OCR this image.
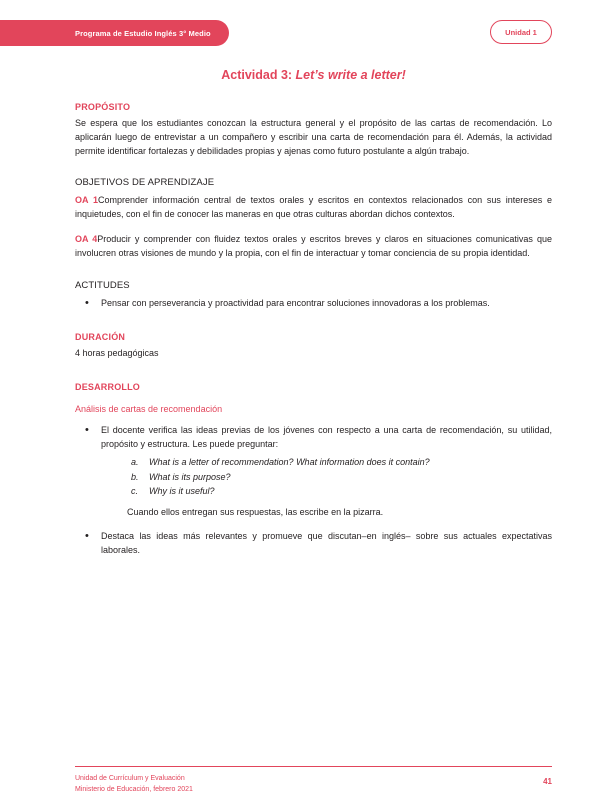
Programa de Estudio Inglés 3° Medio	Unidad 1
Actividad 3: Let’s write a letter!
PROPÓSITO
Se espera que los estudiantes conozcan la estructura general y el propósito de las cartas de recomendación. Lo aplicarán luego de entrevistar a un compañero y escribir una carta de recomendación para él. Además, la actividad permite identificar fortalezas y debilidades propias y ajenas como futuro postulante a algún trabajo.
OBJETIVOS DE APRENDIZAJE
OA 1Comprender información central de textos orales y escritos en contextos relacionados con sus intereses e inquietudes, con el fin de conocer las maneras en que otras culturas abordan dichos contextos.
OA 4Producir y comprender con fluidez textos orales y escritos breves y claros en situaciones comunicativas que involucren otras visiones de mundo y la propia, con el fin de interactuar y tomar conciencia de su propia identidad.
ACTITUDES
• Pensar con perseverancia y proactividad para encontrar soluciones innovadoras a los problemas.
DURACIÓN
4 horas pedagógicas
DESARROLLO
Análisis de cartas de recomendación
• El docente verifica las ideas previas de los jóvenes con respecto a una carta de recomendación, su utilidad, propósito y estructura. Les puede preguntar:
What is a letter of recommendation? What information does it contain?
What is its purpose?
Why is it useful?
Cuando ellos entregan sus respuestas, las escribe en la pizarra.
• Destaca las ideas más relevantes y promueve que discutan–en inglés– sobre sus actuales expectativas laborales.
Unidad de Currículum y Evaluación
Ministerio de Educación, febrero 2021
41
